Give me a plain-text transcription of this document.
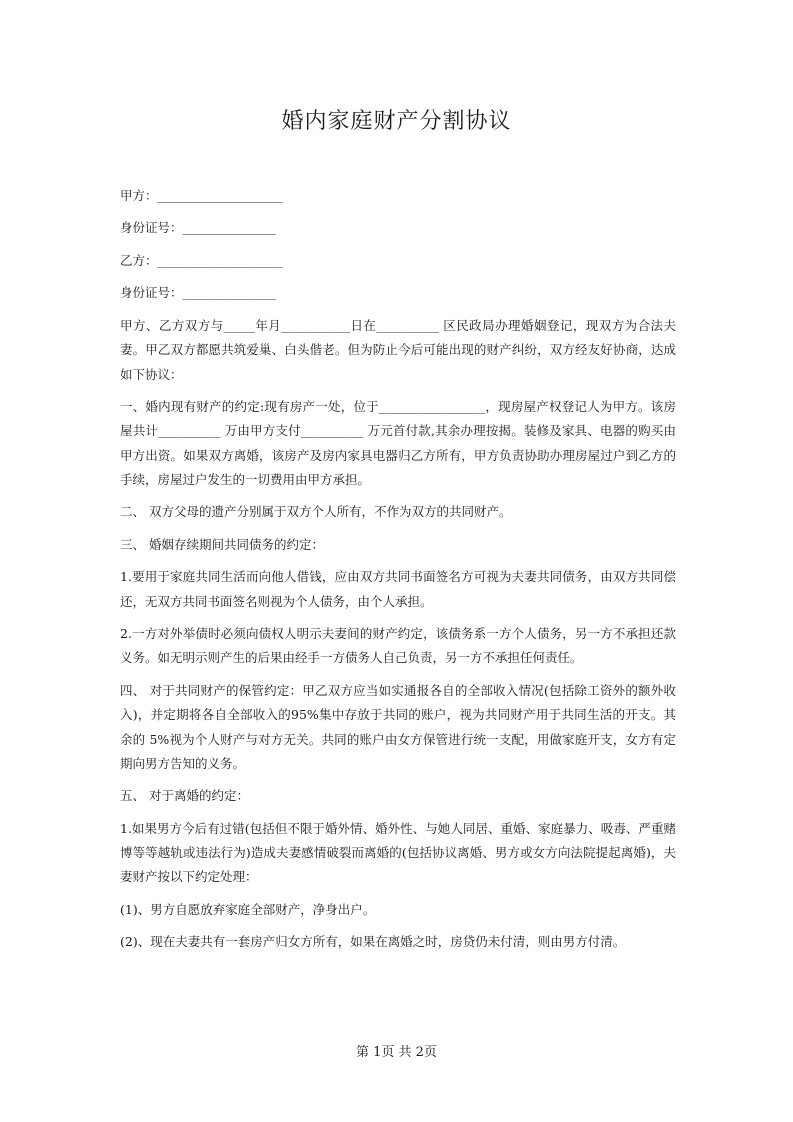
婚内家庭财产分割协议

甲方：____________________

身份证号：_______________

乙方：____________________

身份证号：_______________

甲方、乙方双方与_____年月___________日在__________ 区民政局办理婚姻登记，现双方为合法夫妻。甲乙双方都愿共筑爱巢、白头偕老。但为防止今后可能出现的财产纠纷，双方经友好协商，达成如下协议：

一、婚内现有财产的约定:现有房产一处，位于_________________，现房屋产权登记人为甲方。该房屋共计__________ 万由甲方支付__________ 万元首付款,其余办理按揭。装修及家具、电器的购买由甲方出资。如果双方离婚，该房产及房内家具电器归乙方所有，甲方负责协助办理房屋过户到乙方的手续，房屋过户发生的一切费用由甲方承担。

二、 双方父母的遗产分别属于双方个人所有，不作为双方的共同财产。

三、 婚姻存续期间共同债务的约定：

1.要用于家庭共同生活而向他人借钱，应由双方共同书面签名方可视为夫妻共同债务，由双方共同偿还，无双方共同书面签名则视为个人债务，由个人承担。

2.一方对外举债时必须向债权人明示夫妻间的财产约定，该债务系一方个人债务，另一方不承担还款义务。如无明示则产生的后果由经手一方债务人自己负责，另一方不承担任何责任。

四、 对于共同财产的保管约定：甲乙双方应当如实通报各自的全部收入情况(包括除工资外的额外收入)，并定期将各自全部收入的95%集中存放于共同的账户，视为共同财产用于共同生活的开支。其余的 5%视为个人财产与对方无关。共同的账户由女方保管进行统一支配，用做家庭开支，女方有定期向男方告知的义务。

五、 对于离婚的约定：

1.如果男方今后有过错(包括但不限于婚外情、婚外性、与她人同居、重婚、家庭暴力、吸毒、严重赌博等等越轨或违法行为)造成夫妻感情破裂而离婚的(包括协议离婚、男方或女方向法院提起离婚)，夫妻财产按以下约定处理：

(1)、男方自愿放弃家庭全部财产，净身出户。

(2)、现在夫妻共有一套房产归女方所有，如果在离婚之时，房贷仍未付清，则由男方付清。

第 1页 共 2页
